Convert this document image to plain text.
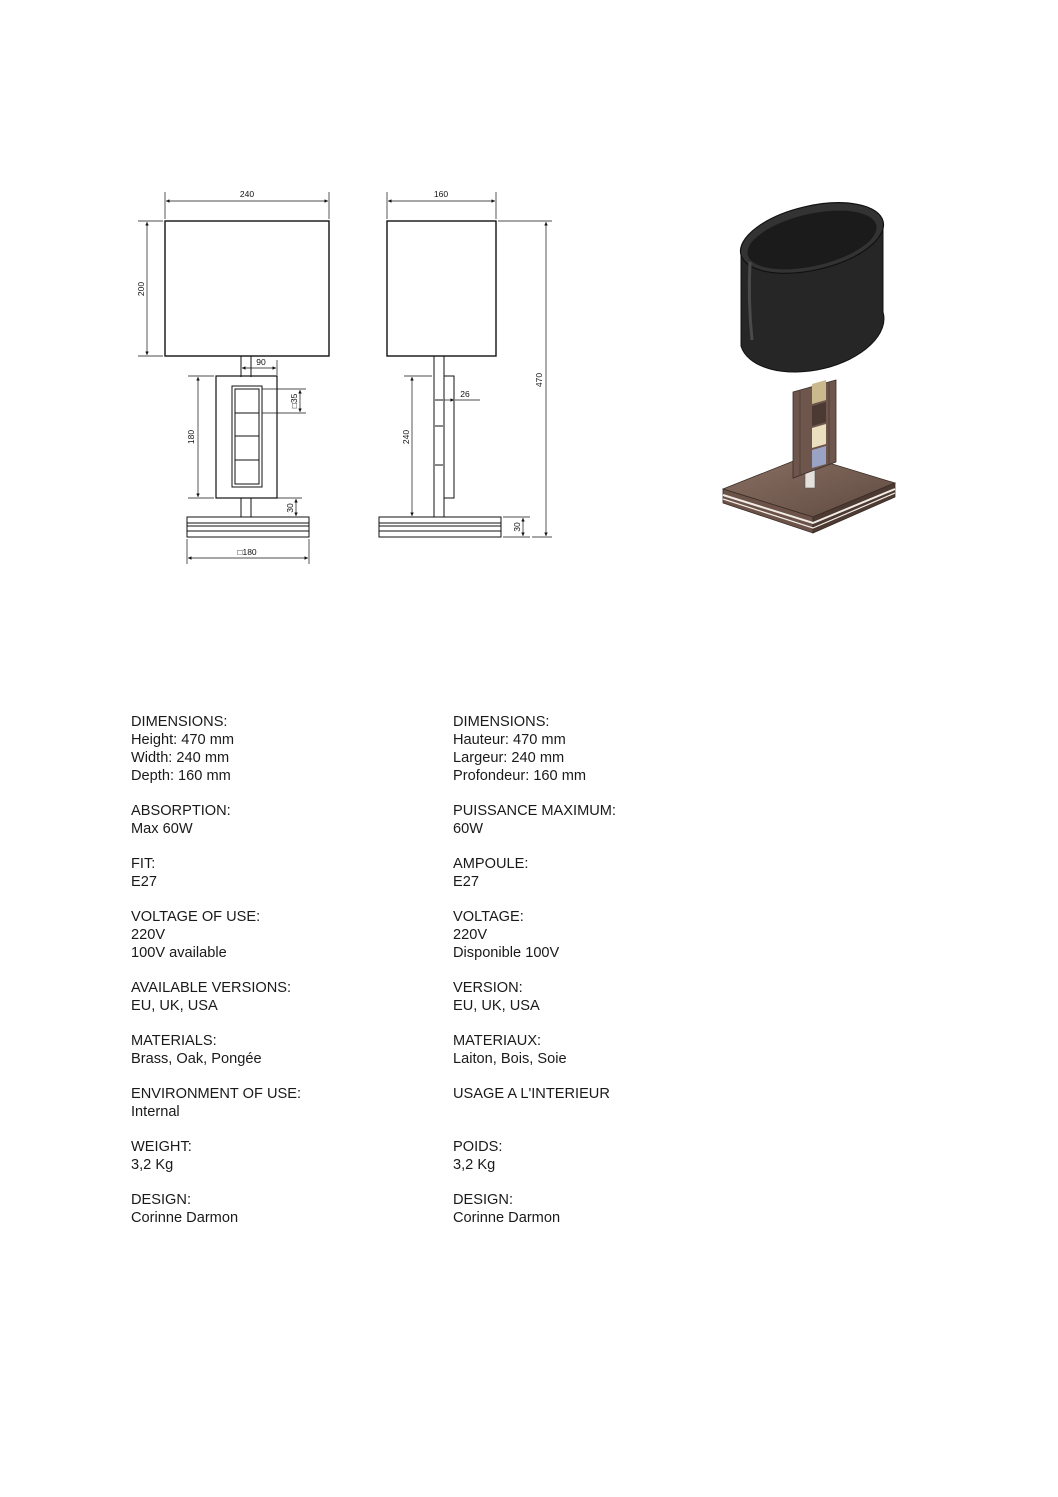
240
200
90
□35
180
30
□180
160
26
240
30
470
DIMENSIONS:
Height: 470 mm
Width: 240 mm
Depth: 160 mm
ABSORPTION:
Max 60W
FIT:
E27
VOLTAGE OF USE:
220V
100V available
AVAILABLE VERSIONS:
EU, UK, USA
MATERIALS:
Brass, Oak, Pongée
ENVIRONMENT OF USE:
Internal
WEIGHT:
3,2 Kg
DESIGN:
Corinne Darmon
DIMENSIONS:
Hauteur: 470 mm
Largeur: 240 mm
Profondeur: 160 mm
PUISSANCE MAXIMUM:
60W
AMPOULE:
E27
VOLTAGE:
220V
Disponible 100V
VERSION:
EU, UK, USA
MATERIAUX:
Laiton, Bois, Soie
USAGE A L'INTERIEUR
POIDS:
3,2 Kg
DESIGN:
Corinne Darmon
